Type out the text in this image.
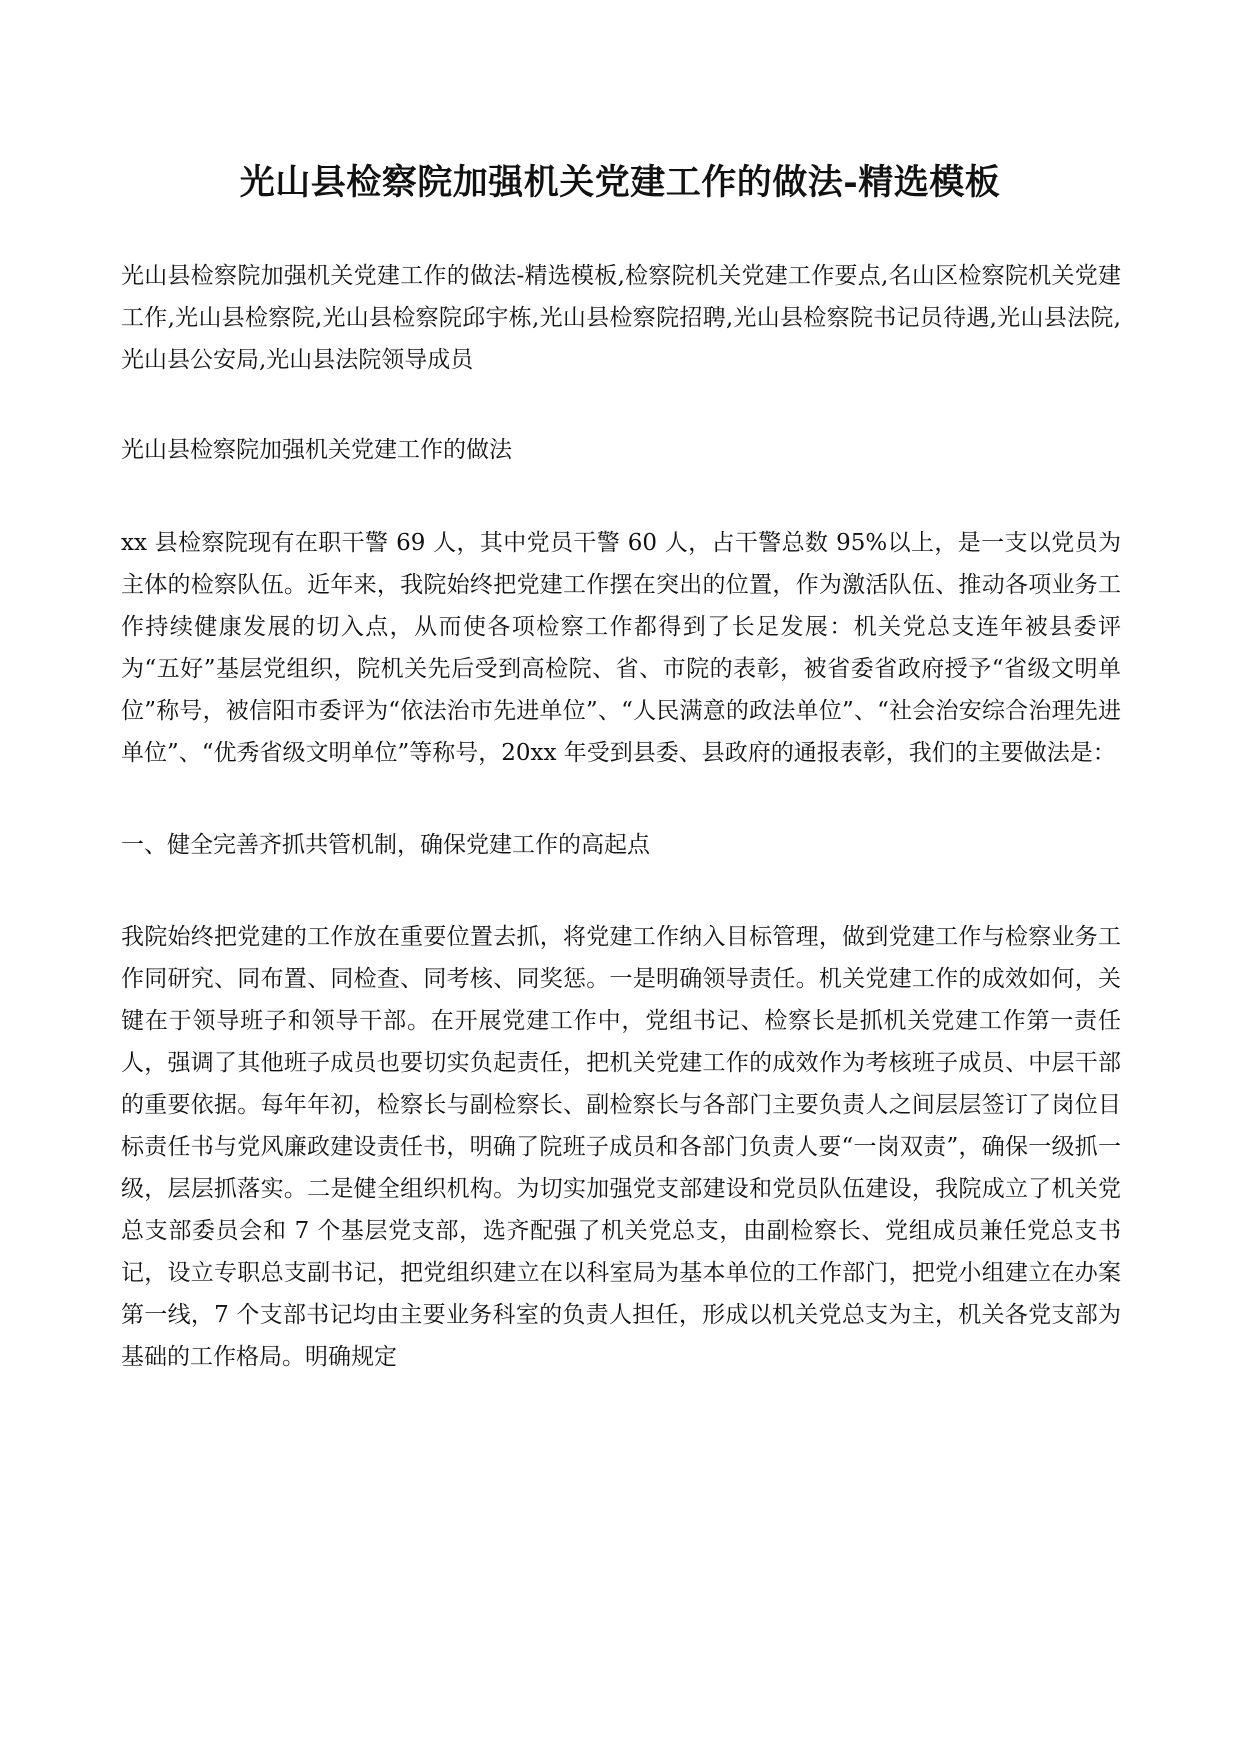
光山县检察院加强机关党建工作的做法-精选模板

光山县检察院加强机关党建工作的做法-精选模板,检察院机关党建工作要点,名山区检察院机关党建工作,光山县检察院,光山县检察院邱宇栋,光山县检察院招聘,光山县检察院书记员待遇,光山县法院,光山县公安局,光山县法院领导成员

光山县检察院加强机关党建工作的做法

xx 县检察院现有在职干警 69 人，其中党员干警 60 人，占干警总数 95%以上，是一支以党员为主体的检察队伍。近年来，我院始终把党建工作摆在突出的位置，作为激活队伍、推动各项业务工作持续健康发展的切入点，从而使各项检察工作都得到了长足发展：机关党总支连年被县委评为“五好”基层党组织，院机关先后受到高检院、省、市院的表彰，被省委省政府授予“省级文明单位”称号，被信阳市委评为“依法治市先进单位”、“人民满意的政法单位”、“社会治安综合治理先进单位”、“优秀省级文明单位”等称号，20xx 年受到县委、县政府的通报表彰，我们的主要做法是：

一、健全完善齐抓共管机制，确保党建工作的高起点

我院始终把党建的工作放在重要位置去抓，将党建工作纳入目标管理，做到党建工作与检察业务工作同研究、同布置、同检查、同考核、同奖惩。一是明确领导责任。机关党建工作的成效如何，关键在于领导班子和领导干部。在开展党建工作中，党组书记、检察长是抓机关党建工作第一责任人，强调了其他班子成员也要切实负起责任，把机关党建工作的成效作为考核班子成员、中层干部的重要依据。每年年初，检察长与副检察长、副检察长与各部门主要负责人之间层层签订了岗位目标责任书与党风廉政建设责任书，明确了院班子成员和各部门负责人要“一岗双责”，确保一级抓一级，层层抓落实。二是健全组织机构。为切实加强党支部建设和党员队伍建设，我院成立了机关党总支部委员会和 7 个基层党支部，选齐配强了机关党总支，由副检察长、党组成员兼任党总支书记，设立专职总支副书记，把党组织建立在以科室局为基本单位的工作部门，把党小组建立在办案第一线，7 个支部书记均由主要业务科室的负责人担任，形成以机关党总支为主，机关各党支部为基础的工作格局。明确规定
